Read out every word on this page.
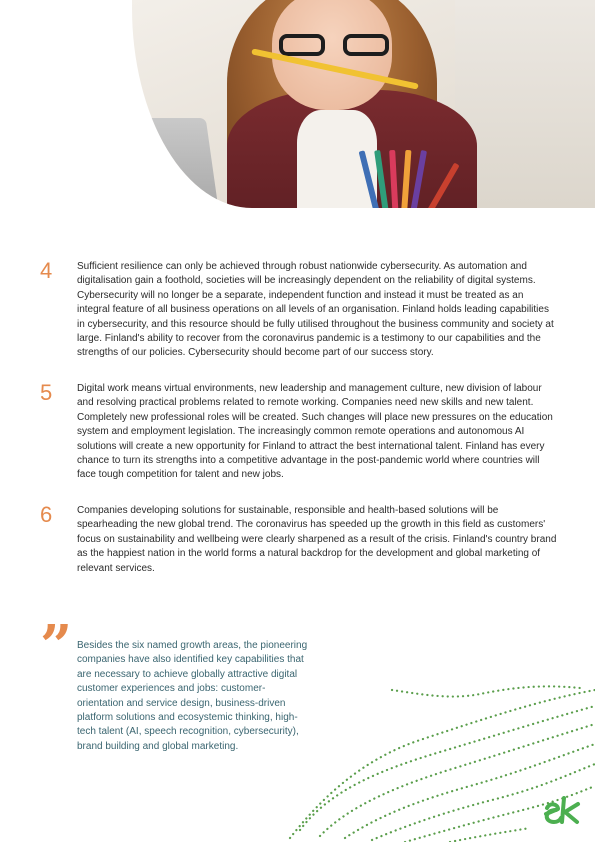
4	Sufficient resilience can only be achieved through robust nationwide cybersecurity. As automation and digitalisation gain a foothold, societies will be increasingly dependent on the reliability of digital systems. Cybersecurity will no longer be a separate, independent function and instead it must be treated as an integral feature of all business operations on all levels of an organisation. Finland holds leading capabilities in cybersecurity, and this resource should be fully utilised throughout the business community and society at large. Finland's ability to recover from the coronavirus pandemic is a testimony to our capabilities and the strengths of our policies. Cybersecurity should become part of our success story.
5	Digital work means virtual environments, new leadership and management culture, new division of labour and resolving practical problems related to remote working. Companies need new skills and new talent. Completely new professional roles will be created. Such changes will place new pressures on the education system and employment legislation. The increasingly common remote operations and autonomous AI solutions will create a new opportunity for Finland to attract the best international talent. Finland has every chance to turn its strengths into a competitive advantage in the post-pandemic world where countries will face tough competition for talent and new jobs.
6	Companies developing solutions for sustainable, responsible and health-based solutions will be spearheading the new global trend. The coronavirus has speeded up the growth in this field as customers' focus on sustainability and wellbeing were clearly sharpened as a result of the crisis. Finland's country brand as the happiest nation in the world forms a natural backdrop for the development and global marketing of relevant services.
” Besides the six named growth areas, the pioneering companies have also identified key capabilities that are necessary to achieve globally attractive digital customer experiences and jobs: customer-orientation and service design, business-driven platform solutions and ecosystemic thinking, high-tech talent (AI, speech recognition, cybersecurity), brand building and global marketing.
